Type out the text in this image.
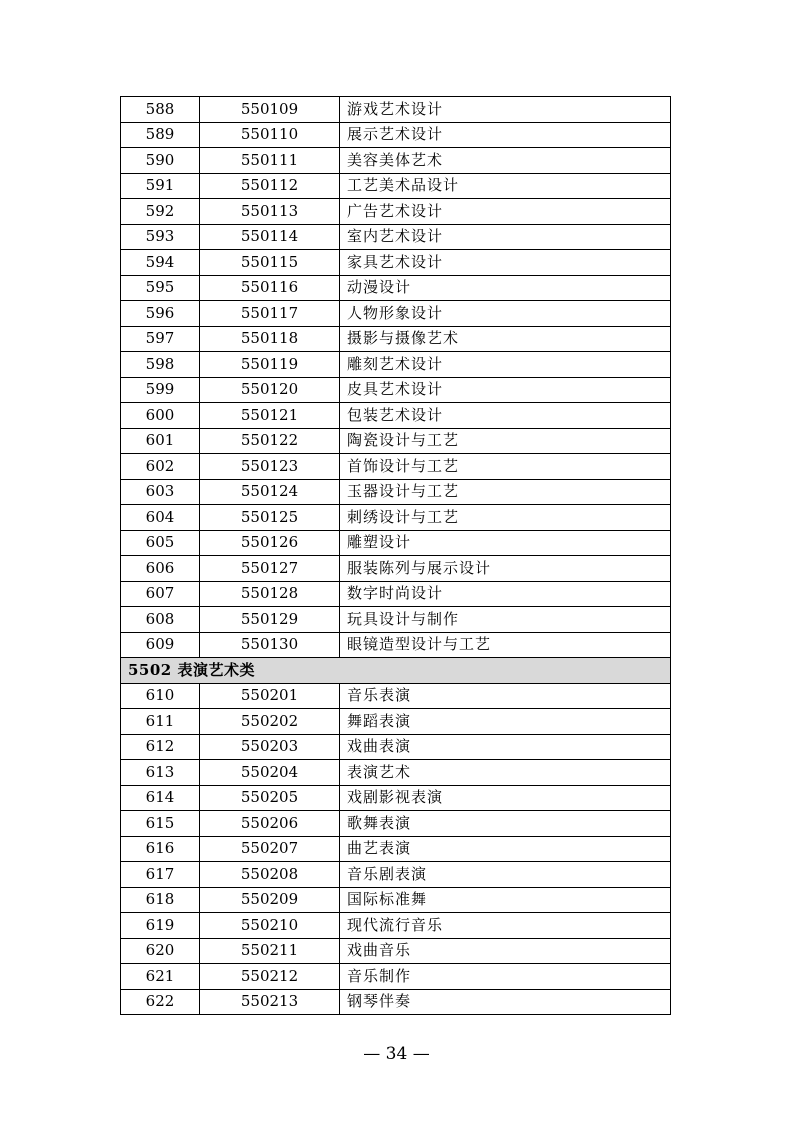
588	550109	游戏艺术设计
589	550110	展示艺术设计
590	550111	美容美体艺术
591	550112	工艺美术品设计
592	550113	广告艺术设计
593	550114	室内艺术设计
594	550115	家具艺术设计
595	550116	动漫设计
596	550117	人物形象设计
597	550118	摄影与摄像艺术
598	550119	雕刻艺术设计
599	550120	皮具艺术设计
600	550121	包装艺术设计
601	550122	陶瓷设计与工艺
602	550123	首饰设计与工艺
603	550124	玉器设计与工艺
604	550125	刺绣设计与工艺
605	550126	雕塑设计
606	550127	服装陈列与展示设计
607	550128	数字时尚设计
608	550129	玩具设计与制作
609	550130	眼镜造型设计与工艺
5502 表演艺术类		
610	550201	音乐表演
611	550202	舞蹈表演
612	550203	戏曲表演
613	550204	表演艺术
614	550205	戏剧影视表演
615	550206	歌舞表演
616	550207	曲艺表演
617	550208	音乐剧表演
618	550209	国际标准舞
619	550210	现代流行音乐
620	550211	戏曲音乐
621	550212	音乐制作
622	550213	钢琴伴奏
— 34 —
